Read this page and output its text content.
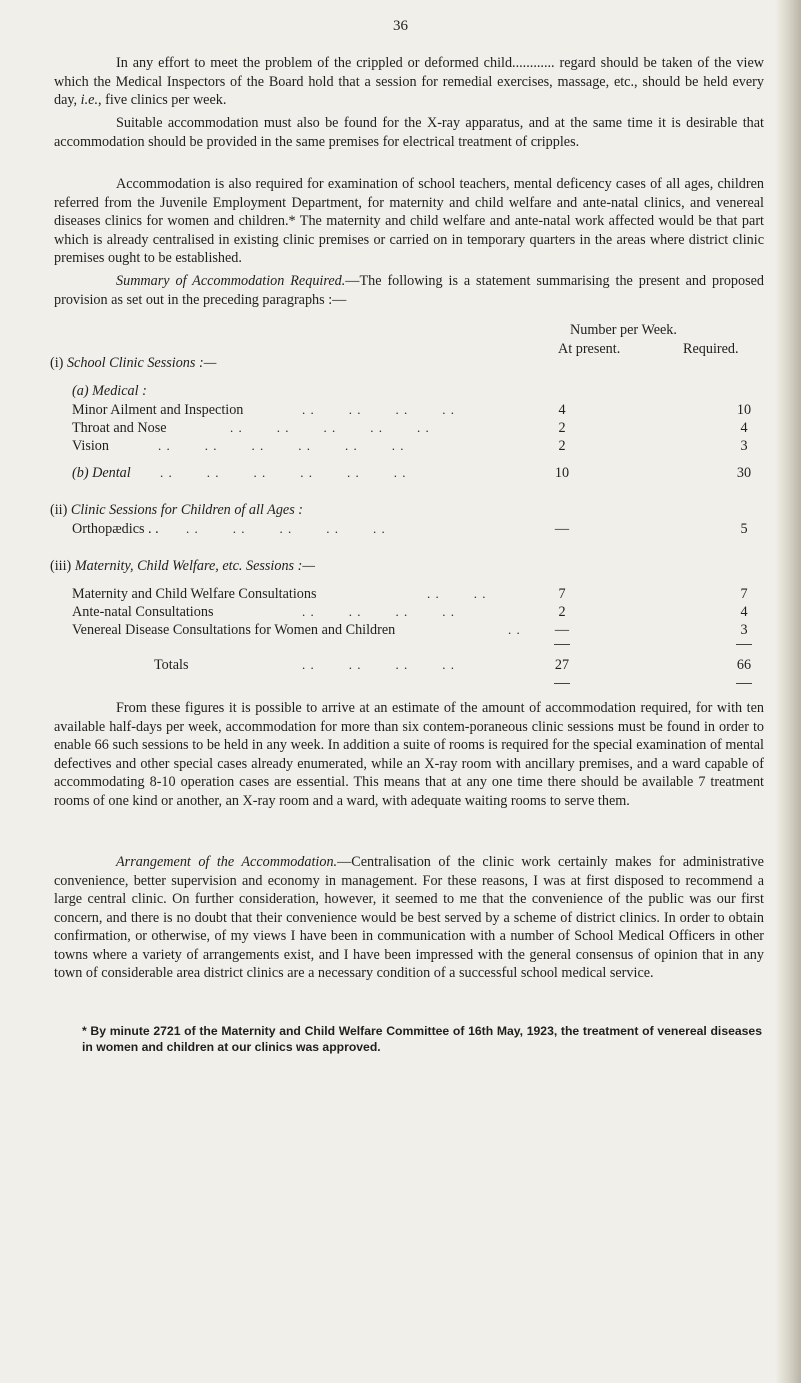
36

In any effort to meet the problem of the crippled or deformed child............ regard should be taken of the view which the Medical Inspectors of the Board hold that a session for remedial exercises, massage, etc., should be held every day, i.e., five clinics per week.

Suitable accommodation must also be found for the X-ray apparatus, and at the same time it is desirable that accommodation should be provided in the same premises for electrical treatment of cripples.

Accommodation is also required for examination of school teachers, mental deficency cases of all ages, children referred from the Juvenile Employment Department, for maternity and child welfare and ante-natal clinics, and venereal diseases clinics for women and children.* The maternity and child welfare and ante-natal work affected would be that part which is already centralised in existing clinic premises or carried on in temporary quarters in the areas where district clinic premises ought to be established.

Summary of Accommodation Required.—The following is a statement summarising the present and proposed provision as set out in the preceding paragraphs :—

Number per Week.
At present.	Required.
(i) School Clinic Sessions :—
(a) Medical :
Minor Ailment and Inspection	. .        . .        . .        . .	4	10
Throat and Nose	. .        . .        . .        . .        . .	2	4
Vision	. .        . .        . .        . .        . .        . .	2	3
(b) Dental . .        . .        . .        . .        . .        . .	10	30
(ii) Clinic Sessions for Children of all Ages :
Orthopædics . . . .        . .        . .        . .        . .	—	5
(iii) Maternity, Child Welfare, etc. Sessions :—
Maternity and Child Welfare Consultations	. .        . .	7	7
Ante-natal Consultations	. .        . .        . .        . .	2	4
Venereal Disease Consultations for Women and Children	. .	—	3
Totals	. .        . .        . .        . .	27	66

From these figures it is possible to arrive at an estimate of the amount of accommodation required, for with ten available half-days per week, accommodation for more than six contem-poraneous clinic sessions must be found in order to enable 66 such sessions to be held in any week. In addition a suite of rooms is required for the special examination of mental defectives and other special cases already enumerated, while an X-ray room with ancillary premises, and a ward capable of accommodating 8-10 operation cases are essential. This means that at any one time there should be available 7 treatment rooms of one kind or another, an X-ray room and a ward, with adequate waiting rooms to serve them.

Arrangement of the Accommodation.—Centralisation of the clinic work certainly makes for administrative convenience, better supervision and economy in management. For these reasons, I was at first disposed to recommend a large central clinic. On further consideration, however, it seemed to me that the convenience of the public was our first concern, and there is no doubt that their convenience would be best served by a scheme of district clinics. In order to obtain confirmation, or otherwise, of my views I have been in communication with a number of School Medical Officers in other towns where a variety of arrangements exist, and I have been impressed with the general consensus of opinion that in any town of considerable area district clinics are a necessary condition of a successful school medical service.

* By minute 2721 of the Maternity and Child Welfare Committee of 16th May, 1923, the treatment of venereal diseases in women and children at our clinics was approved.
